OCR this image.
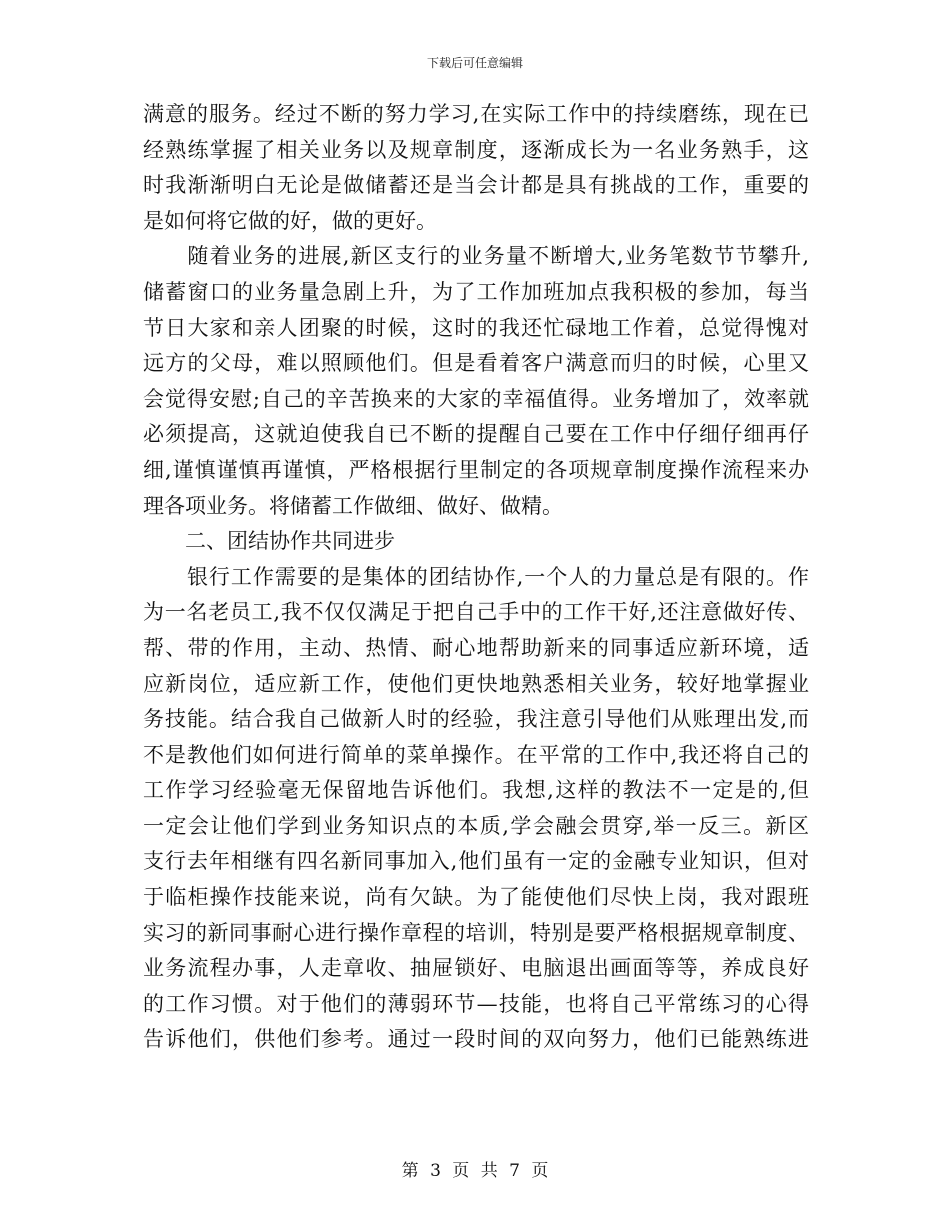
下载后可任意编辑
满意的服务。经过不断的努力学习,在实际工作中的持续磨练，现在已
经熟练掌握了相关业务以及规章制度，逐渐成长为一名业务熟手，这
时我渐渐明白无论是做储蓄还是当会计都是具有挑战的工作，重要的
是如何将它做的好，做的更好。
　　随着业务的进展,新区支行的业务量不断增大,业务笔数节节攀升,
储蓄窗口的业务量急剧上升，为了工作加班加点我积极的参加，每当
节日大家和亲人团聚的时候，这时的我还忙碌地工作着，总觉得愧对
远方的父母，难以照顾他们。但是看着客户满意而归的时候，心里又
会觉得安慰;自己的辛苦换来的大家的幸福值得。业务增加了，效率就
必须提高，这就迫使我自已不断的提醒自己要在工作中仔细仔细再仔
细,谨慎谨慎再谨慎，严格根据行里制定的各项规章制度操作流程来办
理各项业务。将储蓄工作做细、做好、做精。
　　二、团结协作共同进步
　　银行工作需要的是集体的团结协作,一个人的力量总是有限的。作
为一名老员工,我不仅仅满足于把自己手中的工作干好,还注意做好传、
帮、带的作用，主动、热情、耐心地帮助新来的同事适应新环境，适
应新岗位，适应新工作，使他们更快地熟悉相关业务，较好地掌握业
务技能。结合我自己做新人时的经验，我注意引导他们从账理出发,而
不是教他们如何进行简单的菜单操作。在平常的工作中,我还将自己的
工作学习经验毫无保留地告诉他们。我想,这样的教法不一定是的,但
一定会让他们学到业务知识点的本质,学会融会贯穿,举一反三。新区
支行去年相继有四名新同事加入,他们虽有一定的金融专业知识，但对
于临柜操作技能来说，尚有欠缺。为了能使他们尽快上岗，我对跟班
实习的新同事耐心进行操作章程的培训，特别是要严格根据规章制度、
业务流程办事，人走章收、抽屉锁好、电脑退出画面等等，养成良好
的工作习惯。对于他们的薄弱环节—技能，也将自己平常练习的心得
告诉他们，供他们参考。通过一段时间的双向努力，他们已能熟练进
第 3 页 共 7 页
